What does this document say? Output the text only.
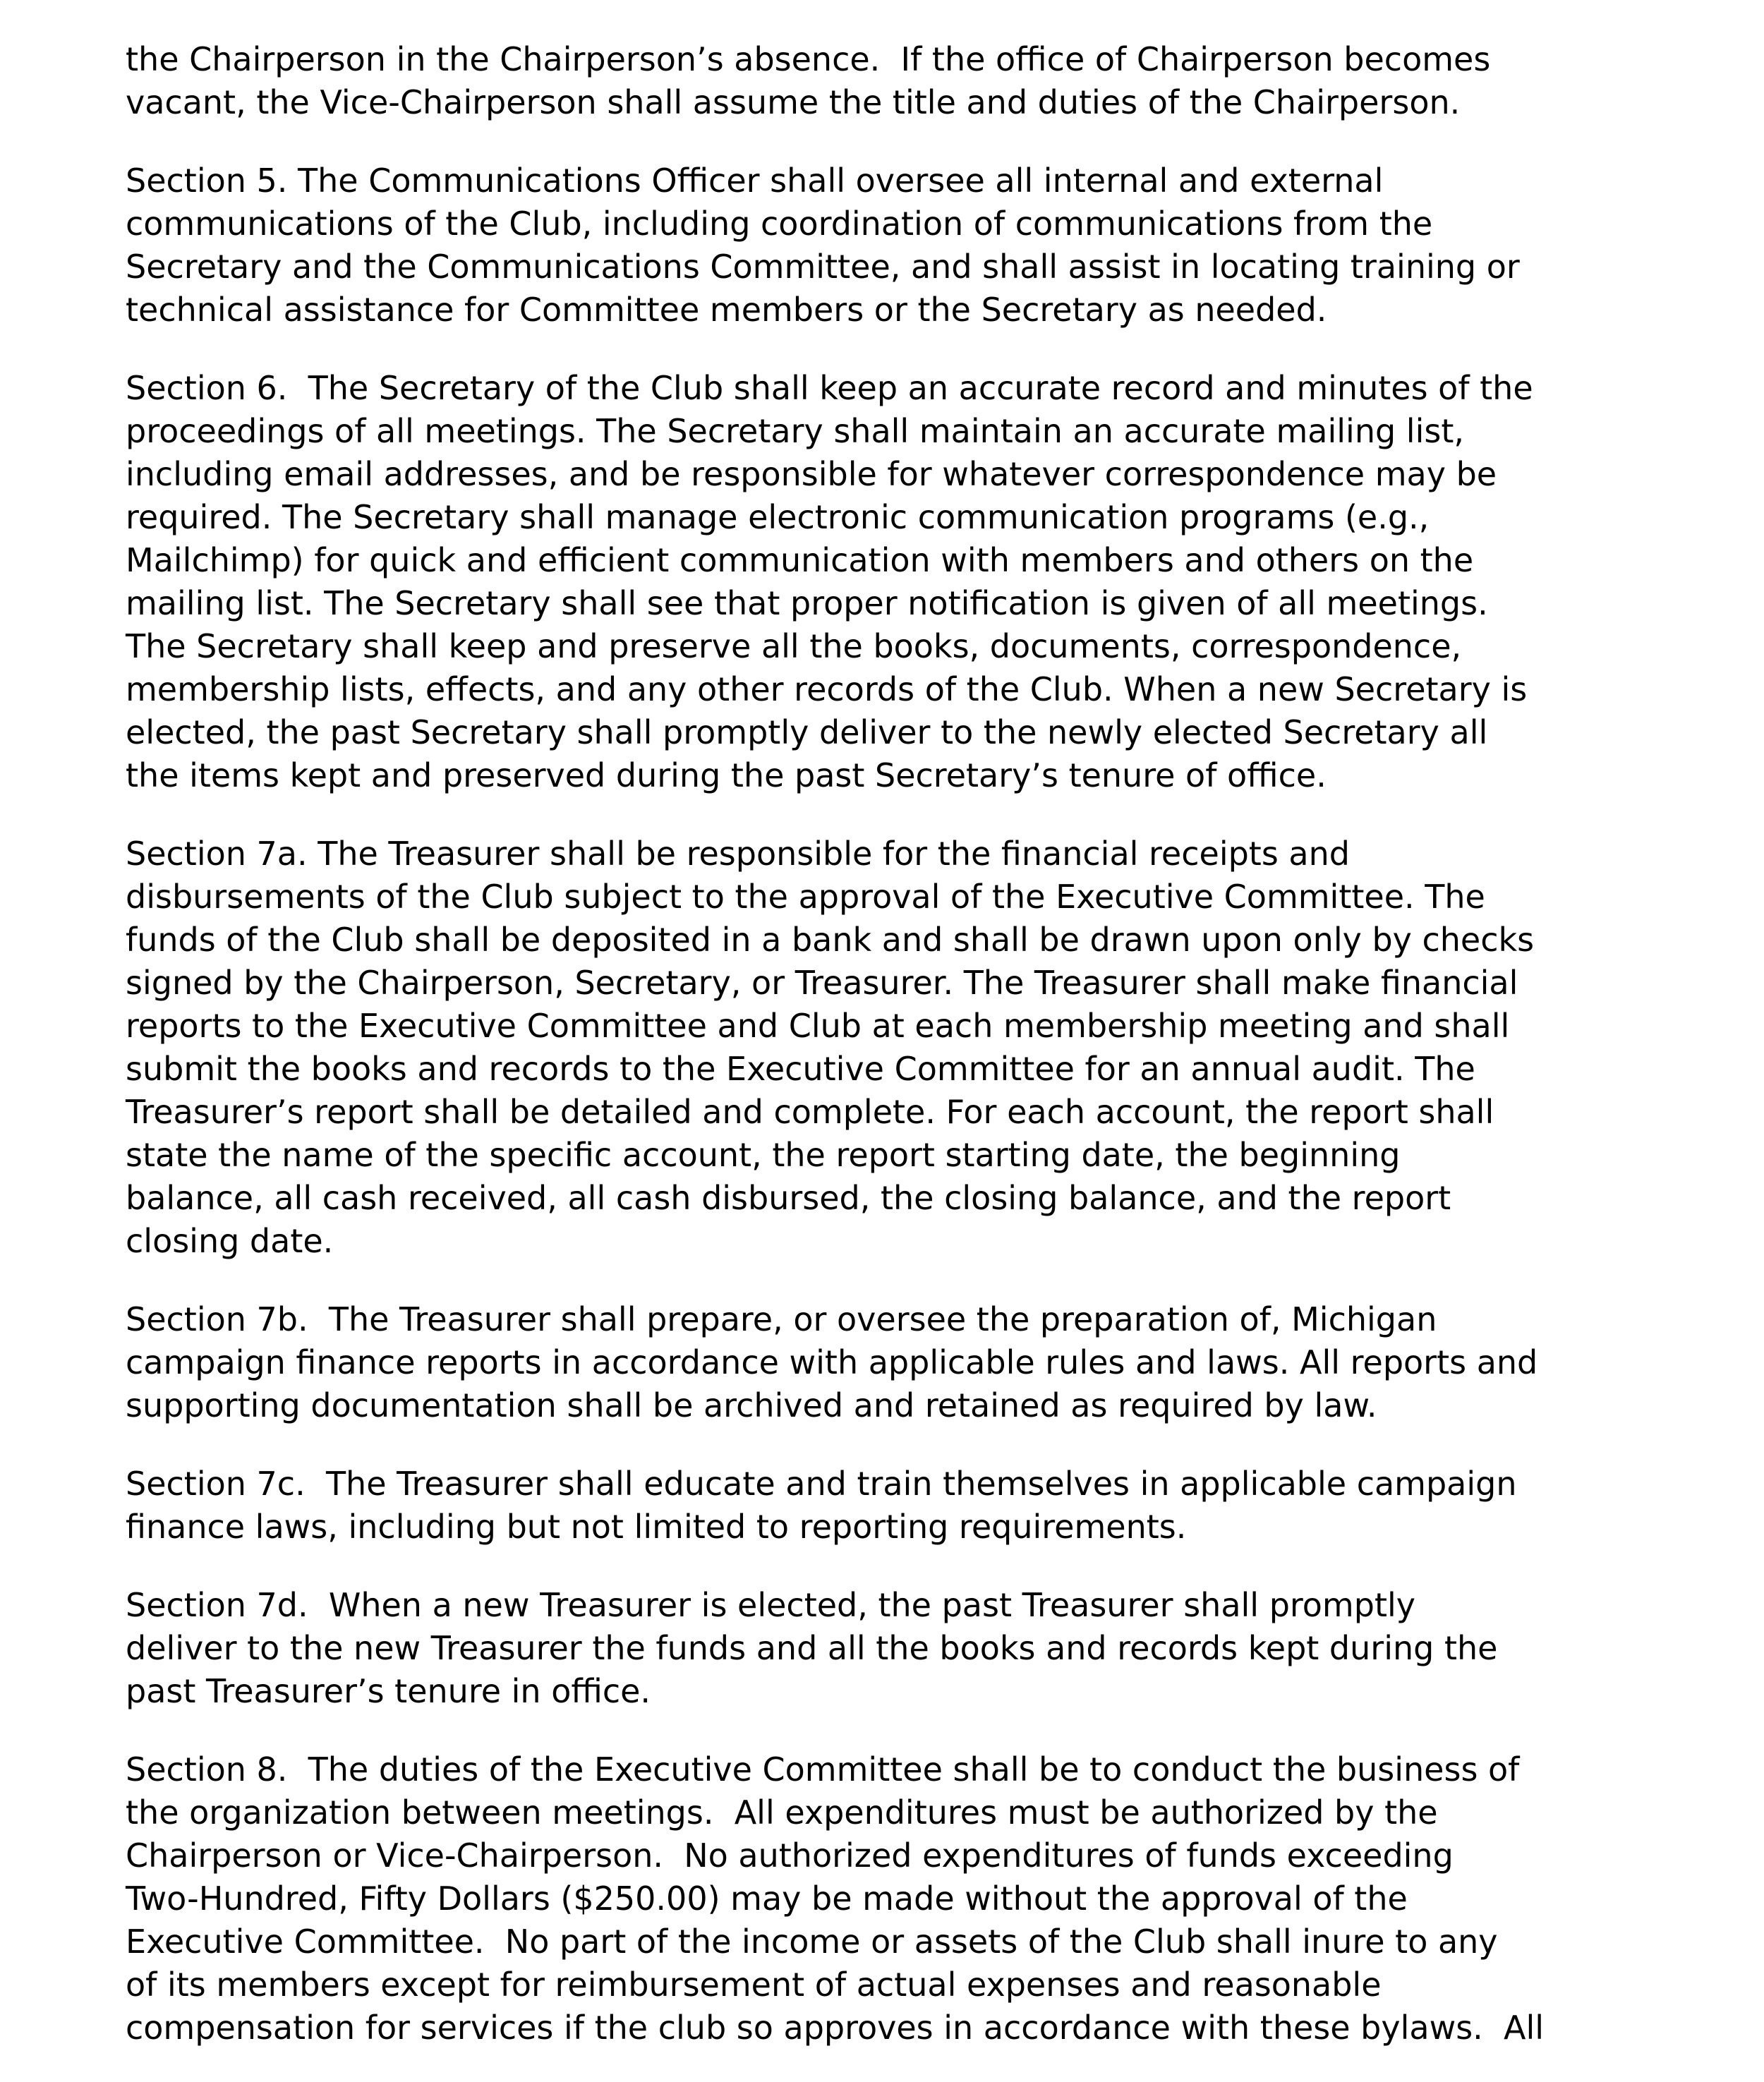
the Chairperson in the Chairperson’s absence.  If the office of Chairperson becomes
vacant, the Vice-Chairperson shall assume the title and duties of the Chairperson.

Section 5. The Communications Officer shall oversee all internal and external
communications of the Club, including coordination of communications from the
Secretary and the Communications Committee, and shall assist in locating training or
technical assistance for Committee members or the Secretary as needed.

Section 6.  The Secretary of the Club shall keep an accurate record and minutes of the
proceedings of all meetings. The Secretary shall maintain an accurate mailing list,
including email addresses, and be responsible for whatever correspondence may be
required. The Secretary shall manage electronic communication programs (e.g.,
Mailchimp) for quick and efficient communication with members and others on the
mailing list. The Secretary shall see that proper notification is given of all meetings.
The Secretary shall keep and preserve all the books, documents, correspondence,
membership lists, effects, and any other records of the Club. When a new Secretary is
elected, the past Secretary shall promptly deliver to the newly elected Secretary all
the items kept and preserved during the past Secretary’s tenure of office.

Section 7a. The Treasurer shall be responsible for the financial receipts and
disbursements of the Club subject to the approval of the Executive Committee. The
funds of the Club shall be deposited in a bank and shall be drawn upon only by checks
signed by the Chairperson, Secretary, or Treasurer. The Treasurer shall make financial
reports to the Executive Committee and Club at each membership meeting and shall
submit the books and records to the Executive Committee for an annual audit. The
Treasurer’s report shall be detailed and complete. For each account, the report shall
state the name of the specific account, the report starting date, the beginning
balance, all cash received, all cash disbursed, the closing balance, and the report
closing date.

Section 7b.  The Treasurer shall prepare, or oversee the preparation of, Michigan
campaign finance reports in accordance with applicable rules and laws. All reports and
supporting documentation shall be archived and retained as required by law.

Section 7c.  The Treasurer shall educate and train themselves in applicable campaign
finance laws, including but not limited to reporting requirements.

Section 7d.  When a new Treasurer is elected, the past Treasurer shall promptly
deliver to the new Treasurer the funds and all the books and records kept during the
past Treasurer’s tenure in office.

Section 8.  The duties of the Executive Committee shall be to conduct the business of
the organization between meetings.  All expenditures must be authorized by the
Chairperson or Vice-Chairperson.  No authorized expenditures of funds exceeding
Two-Hundred, Fifty Dollars ($250.00) may be made without the approval of the
Executive Committee.  No part of the income or assets of the Club shall inure to any
of its members except for reimbursement of actual expenses and reasonable
compensation for services if the club so approves in accordance with these bylaws.  All
